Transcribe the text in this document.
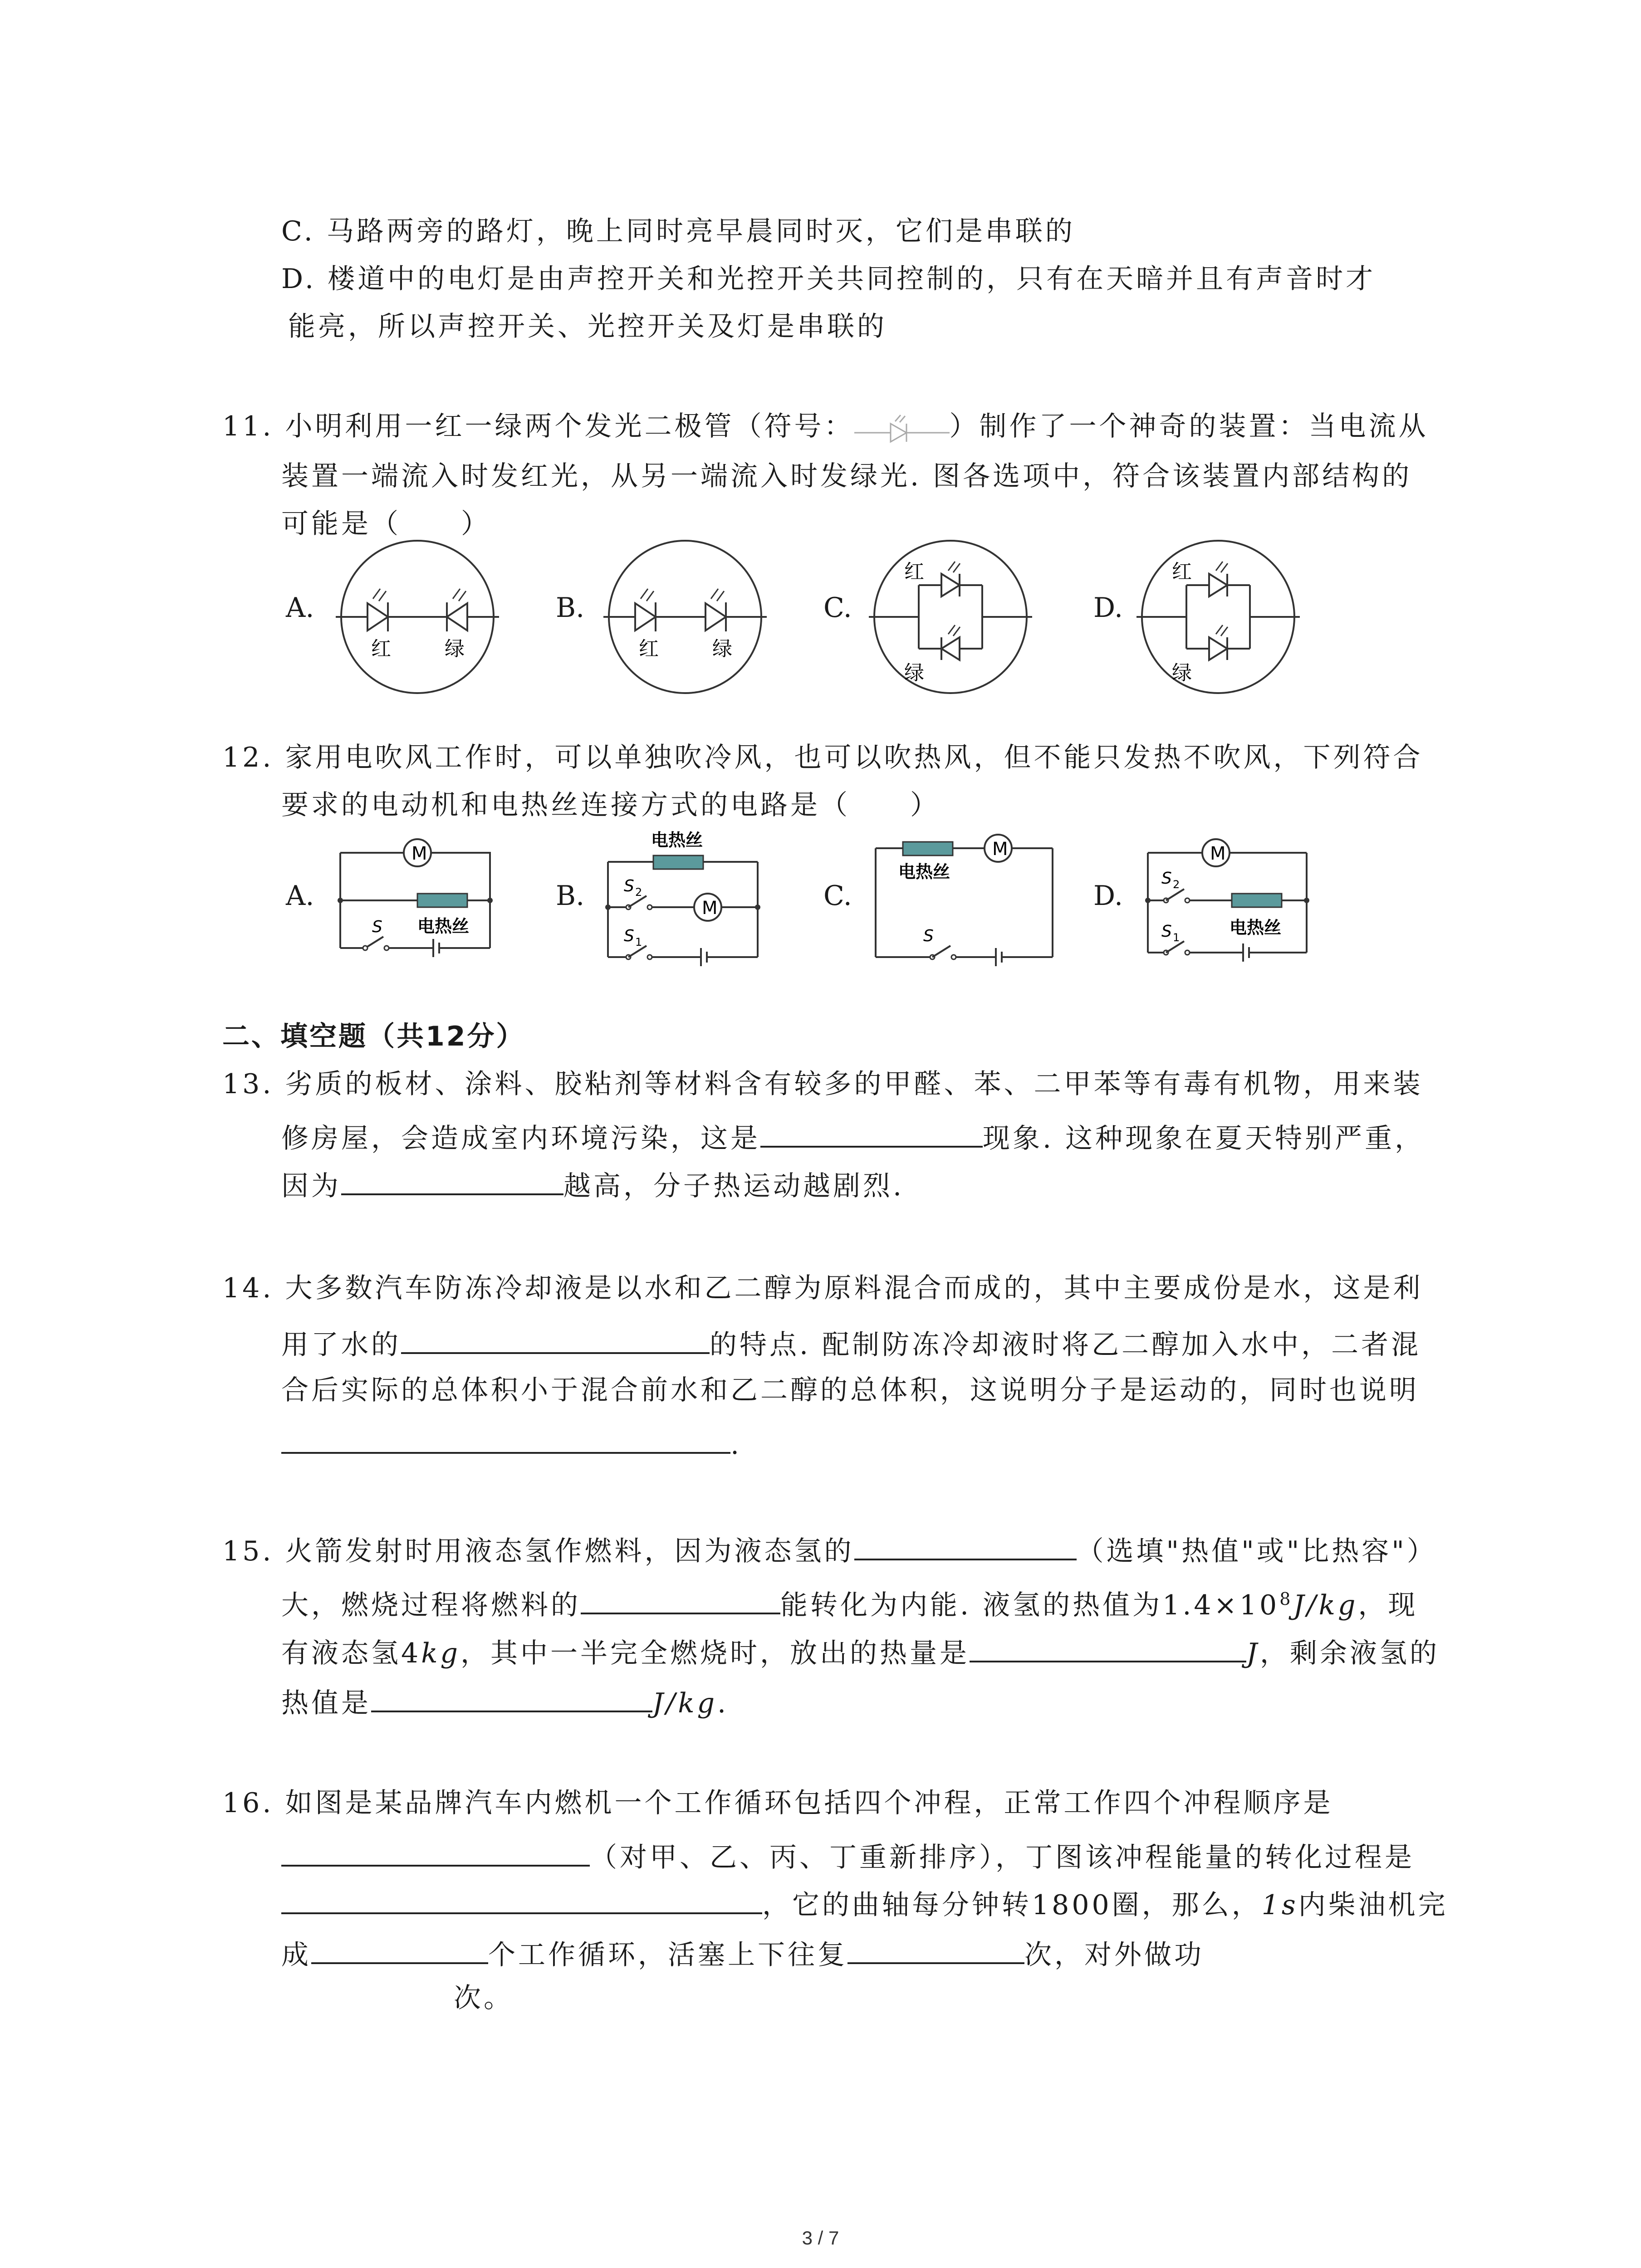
C. 马路两旁的路灯，晚上同时亮早晨同时灭，它们是串联的
D. 楼道中的电灯是由声控开关和光控开关共同控制的，只有在天暗并且有声音时才
能亮，所以声控开关、光控开关及灯是串联的
11. 小明利用一红一绿两个发光二极管（符号：	）制作了一个神奇的装置：当电流从
装置一端流入时发红光，从另一端流入时发绿光. 图各选项中，符合该装置内部结构的
可能是（　　）
A.	B.	C.	D.
红	绿	红	绿
红
绿
红
绿
12. 家用电吹风工作时，可以单独吹冷风，也可以吹热风，但不能只发热不吹风，下列符合
要求的电动机和电热丝连接方式的电路是（　　）
A.	B.	C.	D.
M
S 电热丝
电热丝
S 2
M
S 1
M
电热丝
S
M
S 2
电热丝
S 1
二、填空题（共12分）
13. 劣质的板材、涂料、胶粘剂等材料含有较多的甲醛、苯、二甲苯等有毒有机物，用来装
修房屋，会造成室内环境污染，这是	现象. 这种现象在夏天特别严重，
因为	越高，分子热运动越剧烈.
14. 大多数汽车防冻冷却液是以水和乙二醇为原料混合而成的，其中主要成份是水，这是利
用了水的	的特点. 配制防冻冷却液时将乙二醇加入水中，二者混
合后实际的总体积小于混合前水和乙二醇的总体积，这说明分子是运动的，同时也说明
.
15. 火箭发射时用液态氢作燃料，因为液态氢的	（选填"热值"或"比热容"）
大，燃烧过程将燃料的	能转化为内能. 液氢的热值为$1.4\times 10^8J/kg$，现
有液态氢4kg，其中一半完全燃烧时，放出的热量是	J，剩余液氢的
热值是	J/kg.
16. 如图是某品牌汽车内燃机一个工作循环包括四个冲程，正常工作四个冲程顺序是
（对甲、乙、丙、丁重新排序），丁图该冲程能量的转化过程是
，它的曲轴每分钟转1800圈，那么，1s内柴油机完
成	个工作循环，活塞上下往复	次，对外做功
次。
3 / 7
